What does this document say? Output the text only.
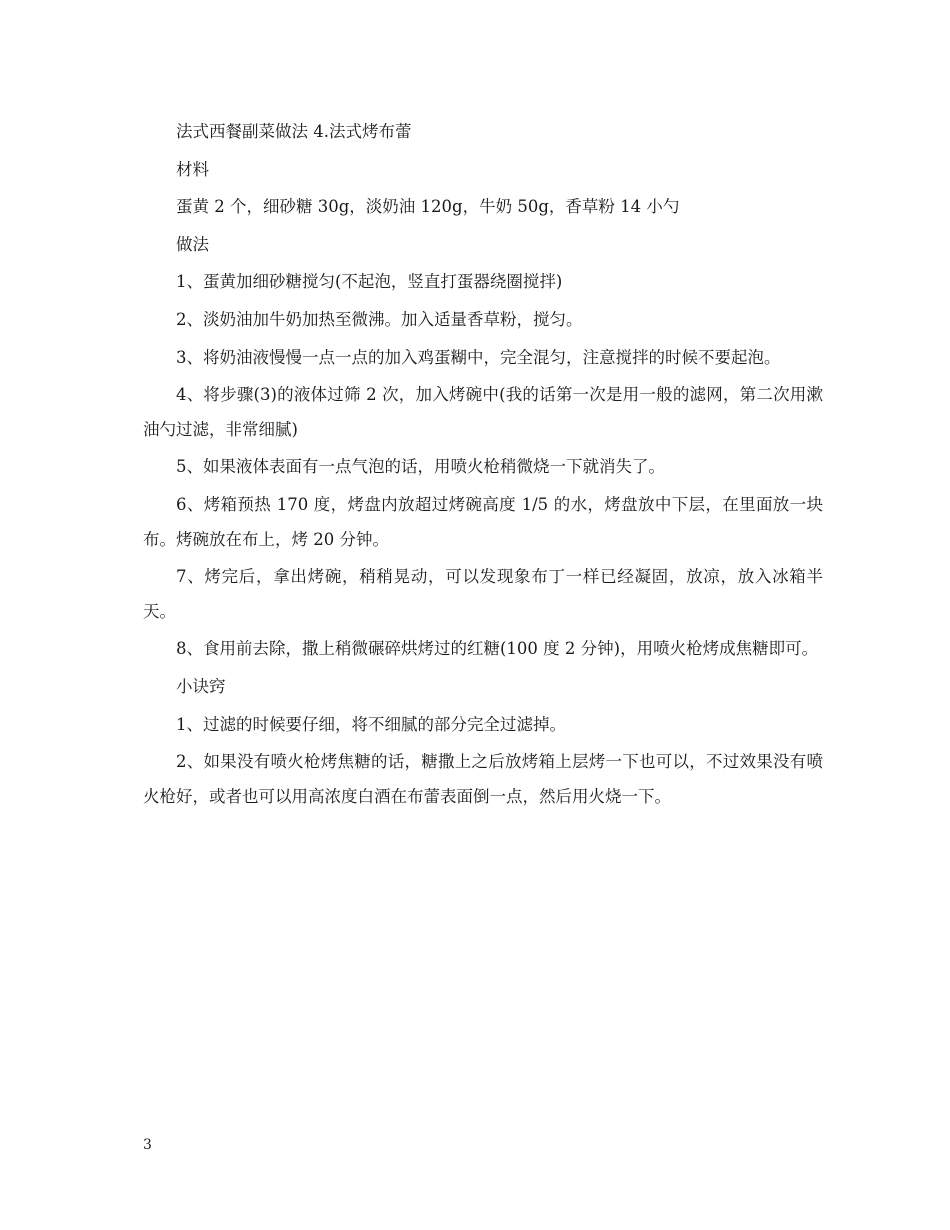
法式西餐副菜做法 4.法式烤布蕾

材料

蛋黄 2 个，细砂糖 30g，淡奶油 120g，牛奶 50g，香草粉 14 小勺

做法

1、蛋黄加细砂糖搅匀(不起泡，竖直打蛋器绕圈搅拌)

2、淡奶油加牛奶加热至微沸。加入适量香草粉，搅匀。

3、将奶油液慢慢一点一点的加入鸡蛋糊中，完全混匀，注意搅拌的时候不要起泡。

4、将步骤(3)的液体过筛 2 次，加入烤碗中(我的话第一次是用一般的滤网，第二次用漱油勺过滤，非常细腻)

5、如果液体表面有一点气泡的话，用喷火枪稍微烧一下就消失了。

6、烤箱预热 170 度，烤盘内放超过烤碗高度 1/5 的水，烤盘放中下层，在里面放一块布。烤碗放在布上，烤 20 分钟。

7、烤完后，拿出烤碗，稍稍晃动，可以发现象布丁一样已经凝固，放凉，放入冰箱半天。

8、食用前去除，撒上稍微碾碎烘烤过的红糖(100 度 2 分钟)，用喷火枪烤成焦糖即可。

小诀窍

1、过滤的时候要仔细，将不细腻的部分完全过滤掉。

2、如果没有喷火枪烤焦糖的话，糖撒上之后放烤箱上层烤一下也可以，不过效果没有喷火枪好，或者也可以用高浓度白酒在布蕾表面倒一点，然后用火烧一下。

3
